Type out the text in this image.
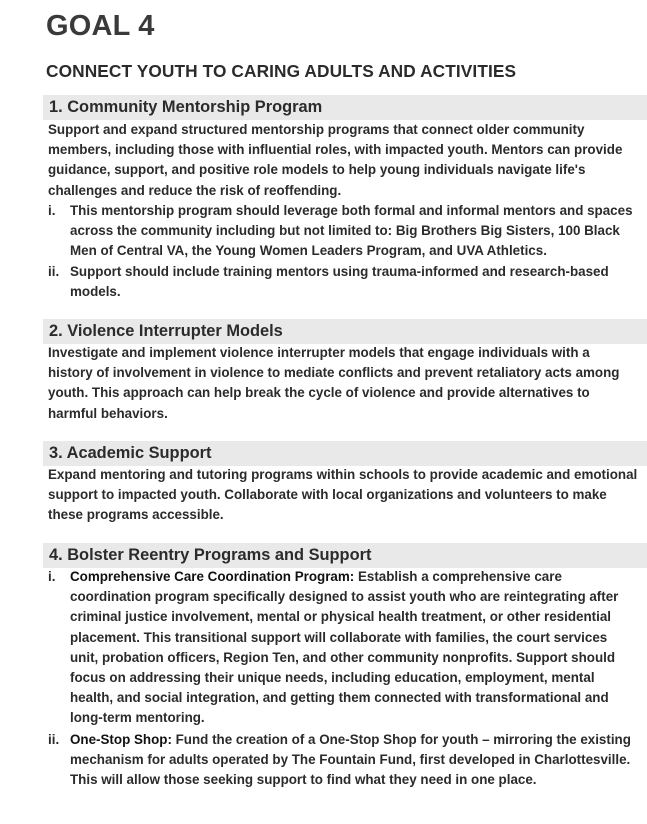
GOAL 4
CONNECT YOUTH TO CARING ADULTS AND ACTIVITIES
1. Community Mentorship Program

Support and expand structured mentorship programs that connect older community members, including those with influential roles, with impacted youth. Mentors can provide guidance, support, and positive role models to help young individuals navigate life's challenges and reduce the risk of reoffending.

i. This mentorship program should leverage both formal and informal mentors and spaces across the community including but not limited to: Big Brothers Big Sisters, 100 Black Men of Central VA, the Young Women Leaders Program, and UVA Athletics.
ii. Support should include training mentors using trauma-informed and research-based models.
2. Violence Interrupter Models

Investigate and implement violence interrupter models that engage individuals with a history of involvement in violence to mediate conflicts and prevent retaliatory acts among youth. This approach can help break the cycle of violence and provide alternatives to harmful behaviors.

3. Academic Support

Expand mentoring and tutoring programs within schools to provide academic and emotional support to impacted youth. Collaborate with local organizations and volunteers to make these programs accessible.

4. Bolster Reentry Programs and Support
i. Comprehensive Care Coordination Program: Establish a comprehensive care coordination program specifically designed to assist youth who are reintegrating after criminal justice involvement, mental or physical health treatment, or other residential placement. This transitional support will collaborate with families, the court services unit, probation officers, Region Ten, and other community nonprofits. Support should focus on addressing their unique needs, including education, employment, mental health, and social integration, and getting them connected with transformational and long-term mentoring.
ii. One-Stop Shop: Fund the creation of a One-Stop Shop for youth – mirroring the existing mechanism for adults operated by The Fountain Fund, first developed in Charlottesville. This will allow those seeking support to find what they need in one place.
